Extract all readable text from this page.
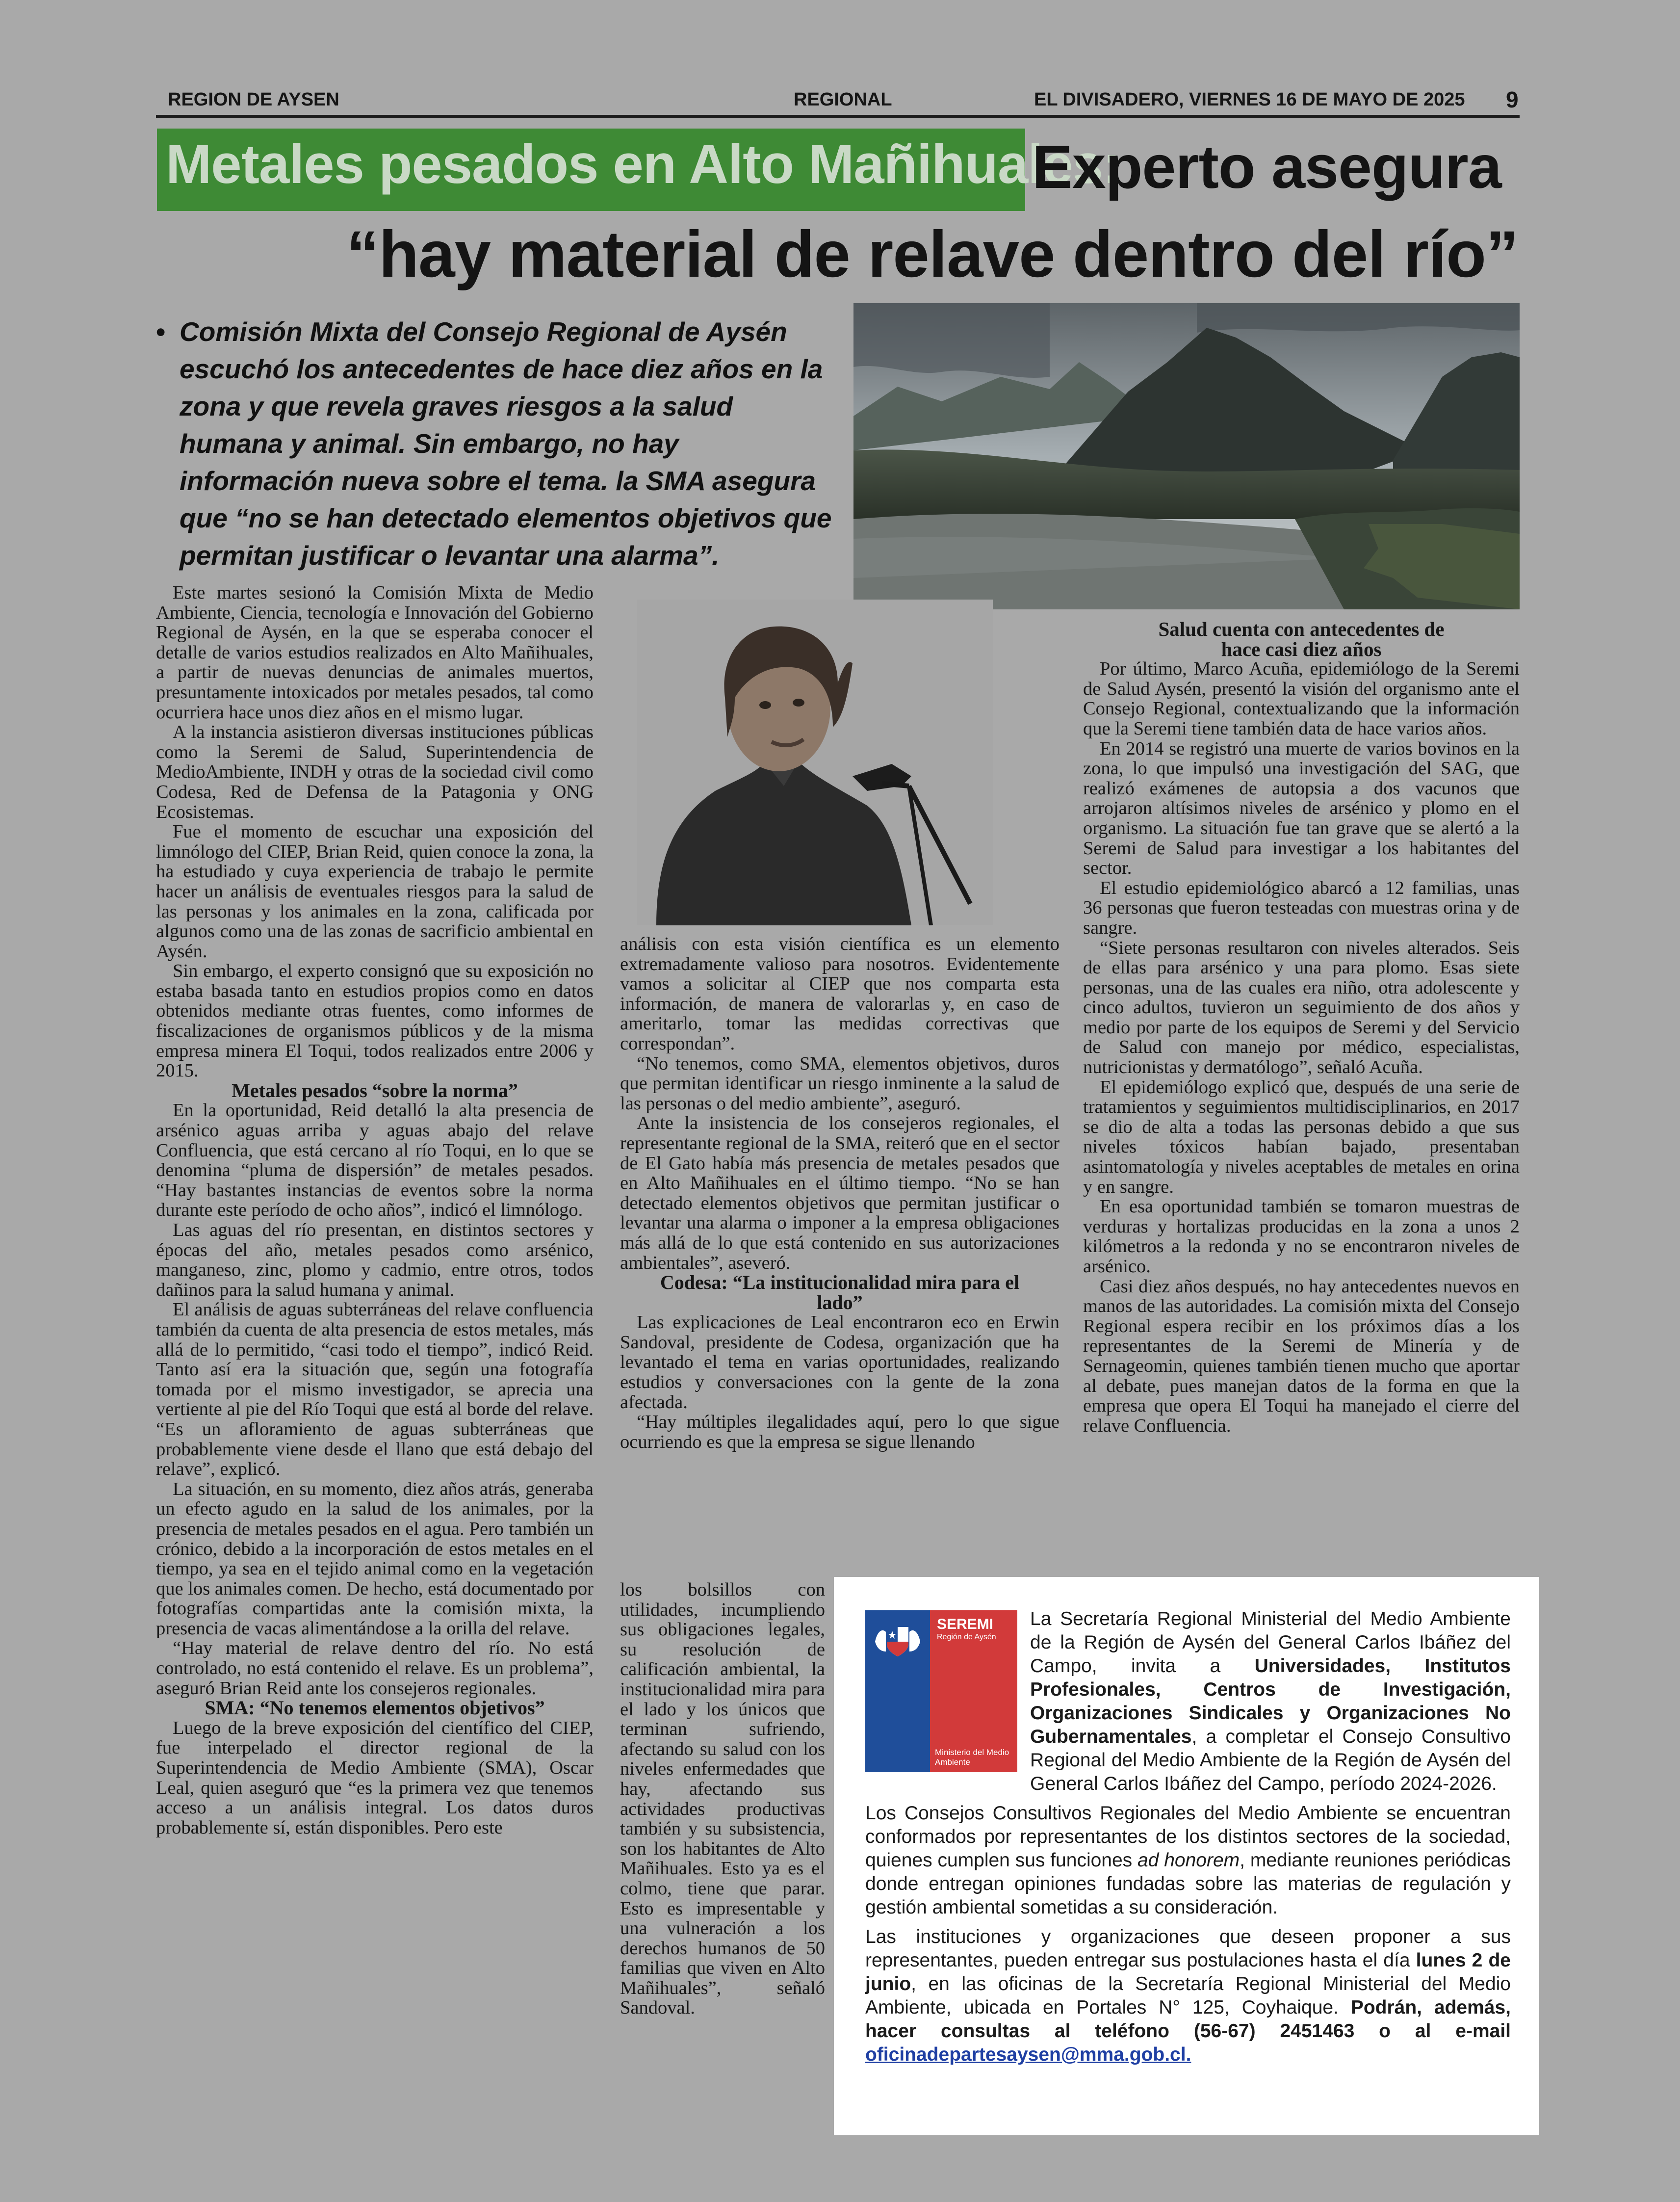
REGION DE AYSEN	REGIONAL	EL DIVISADERO, VIERNES 16 DE MAYO DE 2025 9
Metales pesados en Alto Mañihuales:
Experto asegura
“hay material de relave dentro del río”
• Comisión Mixta del Consejo Regional de Aysén escuchó los antecedentes de hace diez años en la zona y que revela graves riesgos a la salud humana y animal. Sin embargo, no hay información nueva sobre el tema. la SMA asegura que “no se han detectado elementos objetivos que permitan justificar o levantar una alarma”.

Este martes sesionó la Comisión Mixta de Medio Ambiente, Ciencia, tecnología e Innovación del Gobierno Regional de Aysén, en la que se esperaba conocer el detalle de varios estudios realizados en Alto Mañihuales, a partir de nuevas denuncias de animales muertos, presuntamente intoxicados por metales pesados, tal como ocurriera hace unos diez años en el mismo lugar.

A la instancia asistieron diversas instituciones públicas como la Seremi de Salud, Superintendencia de MedioAmbiente, INDH y otras de la sociedad civil como Codesa, Red de Defensa de la Patagonia y ONG Ecosistemas.

Fue el momento de escuchar una exposición del limnólogo del CIEP, Brian Reid, quien conoce la zona, la ha estudiado y cuya experiencia de trabajo le permite hacer un análisis de eventuales riesgos para la salud de las personas y los animales en la zona, calificada por algunos como una de las zonas de sacrificio ambiental en Aysén.

Sin embargo, el experto consignó que su exposición no estaba basada tanto en estudios propios como en datos obtenidos mediante otras fuentes, como informes de fiscalizaciones de organismos públicos y de la misma empresa minera El Toqui, todos realizados entre 2006 y 2015.

Metales pesados “sobre la norma”

En la oportunidad, Reid detalló la alta presencia de arsénico aguas arriba y aguas abajo del relave Confluencia, que está cercano al río Toqui, en lo que se denomina “pluma de dispersión” de metales pesados. “Hay bastantes instancias de eventos sobre la norma durante este período de ocho años”, indicó el limnólogo.

Las aguas del río presentan, en distintos sectores y épocas del año, metales pesados como arsénico, manganeso, zinc, plomo y cadmio, entre otros, todos dañinos para la salud humana y animal.

El análisis de aguas subterráneas del relave confluencia también da cuenta de alta presencia de estos metales, más allá de lo permitido, “casi todo el tiempo”, indicó Reid. Tanto así era la situación que, según una fotografía tomada por el mismo investigador, se aprecia una vertiente al pie del Río Toqui que está al borde del relave. “Es un afloramiento de aguas subterráneas que probablemente viene desde el llano que está debajo del relave”, explicó.

La situación, en su momento, diez años atrás, generaba un efecto agudo en la salud de los animales, por la presencia de metales pesados en el agua. Pero también un crónico, debido a la incorporación de estos metales en el tiempo, ya sea en el tejido animal como en la vegetación que los animales comen. De hecho, está documentado por fotografías compartidas ante la comisión mixta, la presencia de vacas alimentándose a la orilla del relave.

“Hay material de relave dentro del río. No está controlado, no está contenido el relave. Es un problema”, aseguró Brian Reid ante los consejeros regionales.

SMA: “No tenemos elementos objetivos”

Luego de la breve exposición del científico del CIEP, fue interpelado el director regional de la Superintendencia de Medio Ambiente (SMA), Oscar Leal, quien aseguró que “es la primera vez que tenemos acceso a un análisis integral. Los datos duros probablemente sí, están disponibles. Pero este

análisis con esta visión científica es un elemento extremadamente valioso para nosotros. Evidentemente vamos a solicitar al CIEP que nos comparta esta información, de manera de valorarlas y, en caso de ameritarlo, tomar las medidas correctivas que correspondan”.

“No tenemos, como SMA, elementos objetivos, duros que permitan identificar un riesgo inminente a la salud de las personas o del medio ambiente”, aseguró.

Ante la insistencia de los consejeros regionales, el representante regional de la SMA, reiteró que en el sector de El Gato había más presencia de metales pesados que en Alto Mañihuales en el último tiempo. “No se han detectado elementos objetivos que permitan justificar o levantar una alarma o imponer a la empresa obligaciones más allá de lo que está contenido en sus autorizaciones ambientales”, aseveró.

Codesa: “La institucionalidad mira para el lado”

Las explicaciones de Leal encontraron eco en Erwin Sandoval, presidente de Codesa, organización que ha levantado el tema en varias oportunidades, realizando estudios y conversaciones con la gente de la zona afectada.

“Hay múltiples ilegalidades aquí, pero lo que sigue ocurriendo es que la empresa se sigue llenando

los bolsillos con utilidades, incumpliendo sus obligaciones legales, su resolución de calificación ambiental, la institucionalidad mira para el lado y los únicos que terminan sufriendo, afectando su salud con los niveles enfermedades que hay, afectando sus actividades productivas también y su subsistencia, son los habitantes de Alto Mañihuales. Esto ya es el colmo, tiene que parar. Esto es impresentable y una vulneración a los derechos humanos de 50 familias que viven en Alto Mañihuales”, señaló Sandoval.

Salud cuenta con antecedentes de hace casi diez años

Por último, Marco Acuña, epidemiólogo de la Seremi de Salud Aysén, presentó la visión del organismo ante el Consejo Regional, contextualizando que la información que la Seremi tiene también data de hace varios años.

En 2014 se registró una muerte de varios bovinos en la zona, lo que impulsó una investigación del SAG, que realizó exámenes de autopsia a dos vacunos que arrojaron altísimos niveles de arsénico y plomo en el organismo. La situación fue tan grave que se alertó a la Seremi de Salud para investigar a los habitantes del sector.

El estudio epidemiológico abarcó a 12 familias, unas 36 personas que fueron testeadas con muestras orina y de sangre.

“Siete personas resultaron con niveles alterados. Seis de ellas para arsénico y una para plomo. Esas siete personas, una de las cuales era niño, otra adolescente y cinco adultos, tuvieron un seguimiento de dos años y medio por parte de los equipos de Seremi y del Servicio de Salud con manejo por médico, especialistas, nutricionistas y dermatólogo”, señaló Acuña.

El epidemiólogo explicó que, después de una serie de tratamientos y seguimientos multidisciplinarios, en 2017 se dio de alta a todas las personas debido a que sus niveles tóxicos habían bajado, presentaban asintomatología y niveles aceptables de metales en orina y en sangre.

En esa oportunidad también se tomaron muestras de verduras y hortalizas producidas en la zona a unos 2 kilómetros a la redonda y no se encontraron niveles de arsénico.

Casi diez años después, no hay antecedentes nuevos en manos de las autoridades. La comisión mixta del Consejo Regional espera recibir en los próximos días a los representantes de la Seremi de Minería y de Sernageomin, quienes también tienen mucho que aportar al debate, pues manejan datos de la forma en que la empresa que opera El Toqui ha manejado el cierre del relave Confluencia.

SEREMI
Región de Aysén
Ministerio del Medio Ambiente

La Secretaría Regional Ministerial del Medio Ambiente de la Región de Aysén del General Carlos Ibáñez del Campo, invita a Universidades, Institutos Profesionales, Centros de Investigación, Organizaciones Sindicales y Organizaciones No Gubernamentales, a completar el Consejo Consultivo Regional del Medio Ambiente de la Región de Aysén del General Carlos Ibáñez del Campo, período 2024-2026.

Los Consejos Consultivos Regionales del Medio Ambiente se encuentran conformados por representantes de los distintos sectores de la sociedad, quienes cumplen sus funciones ad honorem, mediante reuniones periódicas donde entregan opiniones fundadas sobre las materias de regulación y gestión ambiental sometidas a su consideración.

Las instituciones y organizaciones que deseen proponer a sus representantes, pueden entregar sus postulaciones hasta el día lunes 2 de junio, en las oficinas de la Secretaría Regional Ministerial del Medio Ambiente, ubicada en Portales N° 125, Coyhaique. Podrán, además, hacer consultas al teléfono (56-67) 2451463 o al e-mail oficinadepartesaysen@mma.gob.cl.
